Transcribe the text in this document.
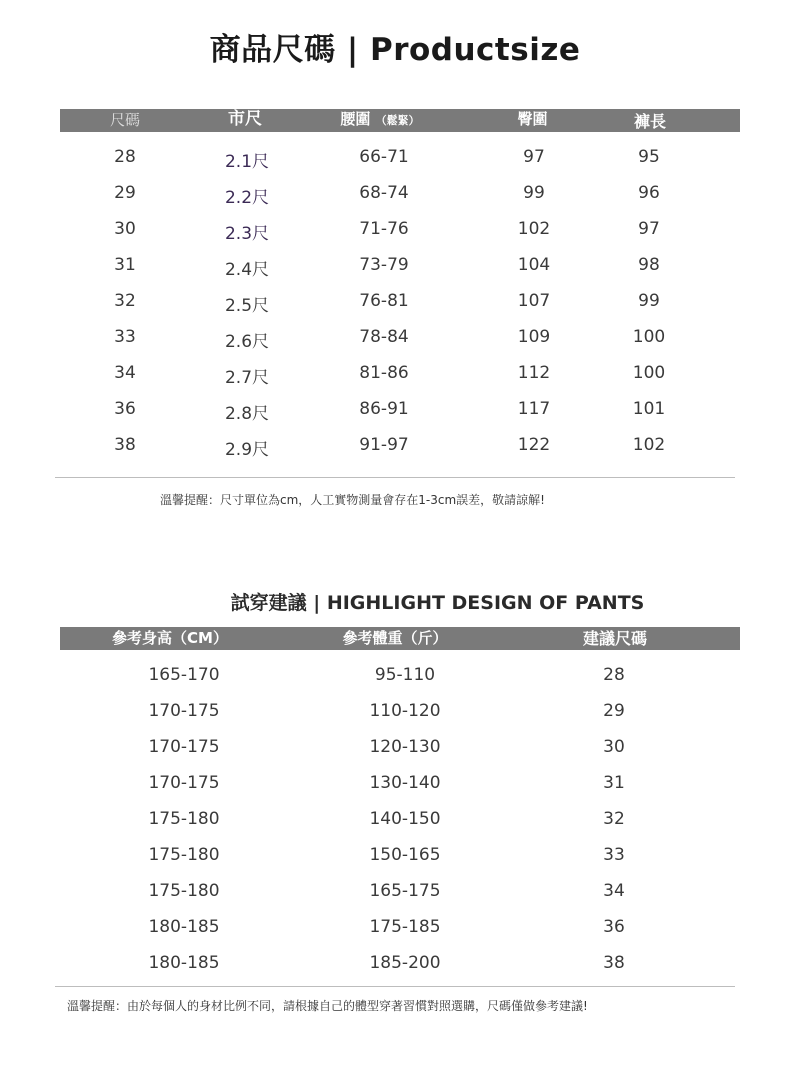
商品尺碼 | Productsize
尺碼	市尺	腰圍 （鬆緊）	臀圍	褲長
28	2.1尺	66-71	97	95
29	2.2尺	68-74	99	96
30	2.3尺	71-76	102	97
31	2.4尺	73-79	104	98
32	2.5尺	76-81	107	99
33	2.6尺	78-84	109	100
34	2.7尺	81-86	112	100
36	2.8尺	86-91	117	101
38	2.9尺	91-97	122	102
溫馨提醒：尺寸單位為cm，人工實物測量會存在1-3cm誤差，敬請諒解!
試穿建議 | HIGHLIGHT DESIGN OF PANTS
參考身高（CM）	參考體重（斤）	建議尺碼
165-170	95-110	28
170-175	110-120	29
170-175	120-130	30
170-175	130-140	31
175-180	140-150	32
175-180	150-165	33
175-180	165-175	34
180-185	175-185	36
180-185	185-200	38
溫馨提醒：由於每個人的身材比例不同，請根據自己的體型穿著習慣對照選購，尺碼僅做參考建議!
